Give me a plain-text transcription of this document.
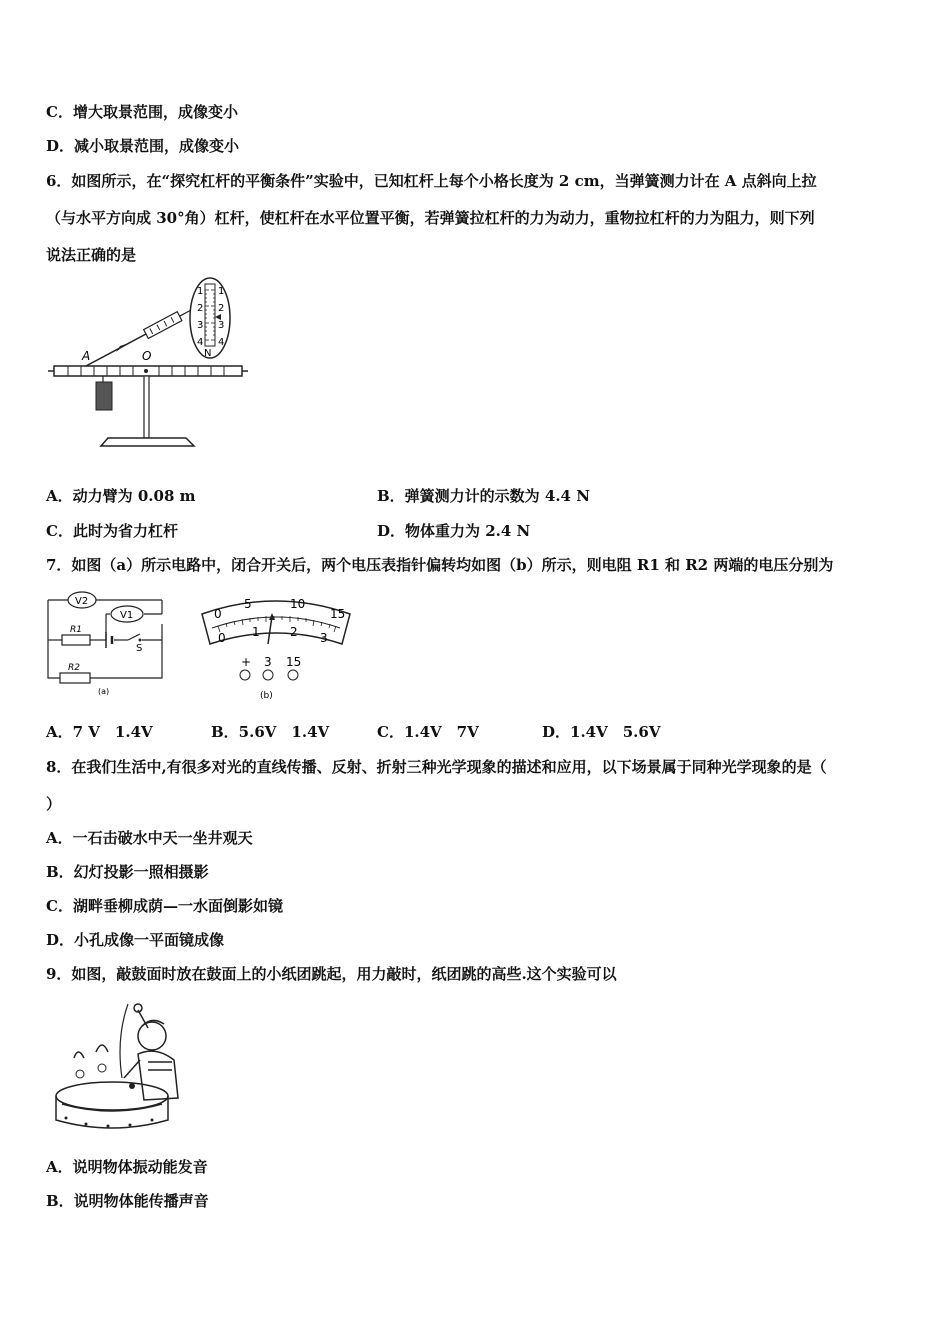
C．增大取景范围，成像变小
D．减小取景范围，成像变小
6．如图所示，在“探究杠杆的平衡条件”实验中，已知杠杆上每个小格长度为 2 cm，当弹簧测力计在 A 点斜向上拉
（与水平方向成 30°角）杠杆，使杠杆在水平位置平衡，若弹簧拉杠杆的力为动力，重物拉杠杆的力为阻力，则下列
说法正确的是
1
2
3
4
1
2
3
4
N
A	O
A．动力臂为 0.08 m	B．弹簧测力计的示数为 4.4 N
C．此时为省力杠杆	D．物体重力为 2.4 N
7．如图（a）所示电路中，闭合开关后，两个电压表指针偏转均如图（b）所示，则电阻 R1 和 R2 两端的电压分别为
V2
V1
R1
R2
S
(a)
0
5	10
15
0 1	2 3
+ 3 15
(b)
A．7 V　1.4V	B．5.6V　1.4V	C．1.4V　7V	D．1.4V　5.6V
8．在我们生活中,有很多对光的直线传播、反射、折射三种光学现象的描述和应用，以下场景属于同种光学现象的是（
）
A．一石击破水中天一坐井观天
B．幻灯投影一照相摄影
C．湖畔垂柳成荫—一水面倒影如镜
D．小孔成像一平面镜成像
9．如图，敲鼓面时放在鼓面上的小纸团跳起，用力敲时，纸团跳的高些.这个实验可以
A．说明物体振动能发音
B．说明物体能传播声音
